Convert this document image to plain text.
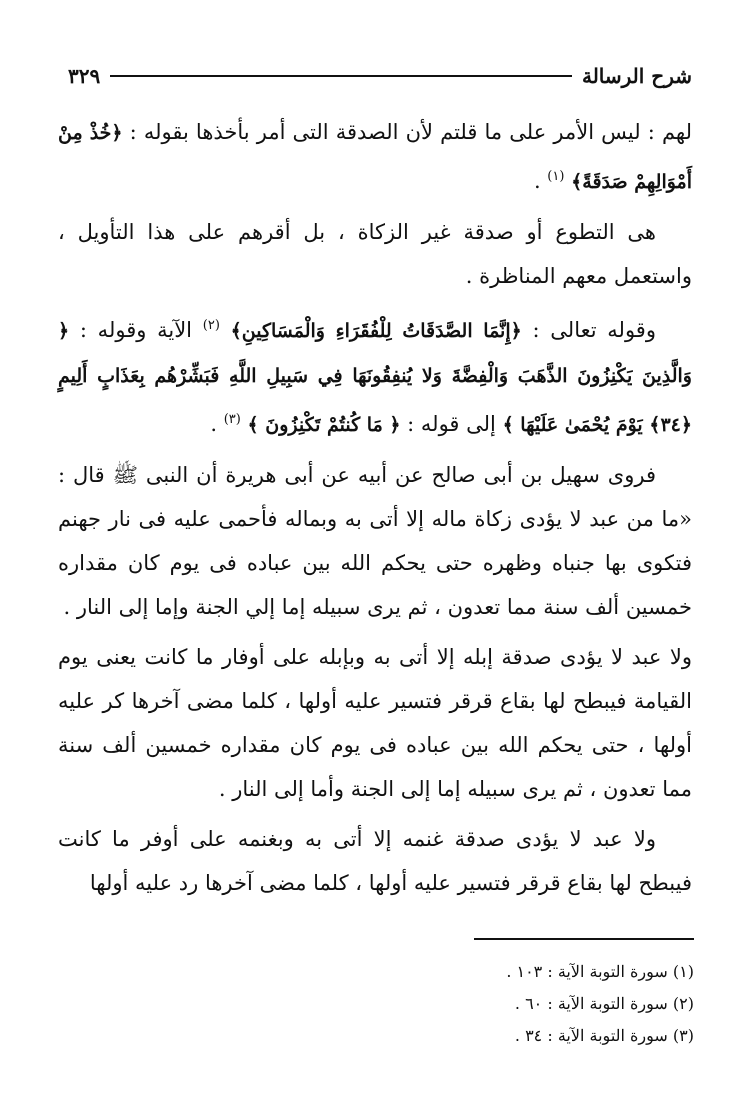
شرح الرسالة
٣٢٩

لهم : ليس الأمر على ما قلتم لأن الصدقة التى أمر بأخذها بقوله : ﴿خُذْ مِنْ أَمْوَالِهِمْ صَدَقَةً﴾ $^{(١)}$ .

هى التطوع أو صدقة غير الزكاة ، بل أقرهم على هذا التأويل ، واستعمل معهم المناظرة .

وقوله تعالى : ﴿إِنَّمَا الصَّدَقَاتُ لِلْفُقَرَاءِ وَالْمَسَاكِينِ﴾ $^{(٢)}$ الآية وقوله : ﴿ وَالَّذِينَ يَكْنِزُونَ الذَّهَبَ وَالْفِضَّةَ وَلا يُنفِقُونَهَا فِي سَبِيلِ اللَّهِ فَبَشِّرْهُم بِعَذَابٍ أَلِيمٍ ﴿٣٤﴾ يَوْمَ يُحْمَىٰ عَلَيْهَا ﴾ إلى قوله : ﴿ مَا كُنتُمْ تَكْنِزُونَ ﴾ $^{(٣)}$ .

فروى سهيل بن أبى صالح عن أبيه عن أبى هريرة أن النبى ﷺ قال : «ما من عبد لا يؤدى زكاة ماله إلا أتى به وبماله فأحمى عليه فى نار جهنم فتكوى بها جنباه وظهره حتى يحكم الله بين عباده فى يوم كان مقداره خمسين ألف سنة مما تعدون ، ثم يرى سبيله إما إلي الجنة وإما إلى النار .

ولا عبد لا يؤدى صدقة إبله إلا أتى به وبإبله على أوفار ما كانت يعنى يوم القيامة فيبطح لها بقاع قرقر فتسير عليه أولها ، كلما مضى آخرها كر عليه أولها ، حتى يحكم الله بين عباده فى يوم كان مقداره خمسين ألف سنة مما تعدون ، ثم يرى سبيله إما إلى الجنة وأما إلى النار .

ولا عبد لا يؤدى صدقة غنمه إلا أتى به وبغنمه على أوفر ما كانت فيبطح لها بقاع قرقر فتسير عليه أولها ، كلما مضى آخرها رد عليه أولها

(١) سورة التوبة الآية : ١٠٣ .

(٢) سورة التوبة الآية : ٦٠ .

(٣) سورة التوبة الآية : ٣٤ .
